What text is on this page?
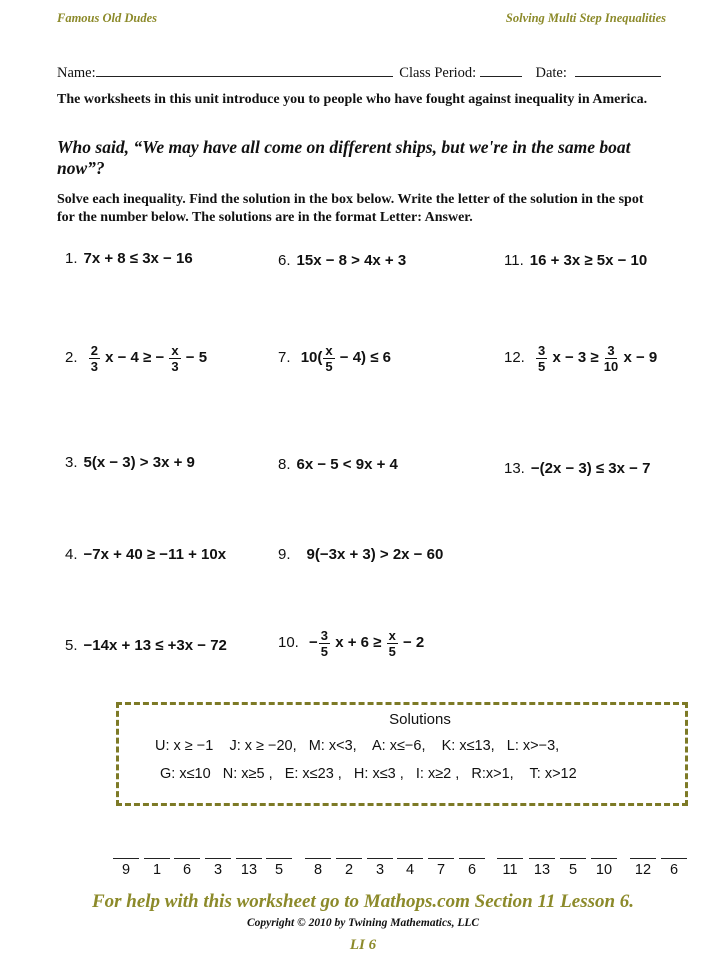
Famous Old Dudes	Solving Multi Step Inequalities
Name:	Class Period:	Date:
The worksheets in this unit introduce you to people who have fought against inequality in America.
Who said, “We may have all come on different ships, but we're in the same boat now”?
Solve each inequality. Find the solution in the box below. Write the letter of the solution in the spot for the number below. The solutions are in the format Letter: Answer.
1. 7x + 8 ≤ 3x − 16
2. $\frac{2}{3}$ x − 4 ≥ − $\frac{x}{3} - 5$
3. 5(x − 3) > 3x + 9
4. −7x + 40 ≥ −11 + 10x
5. −14x + 13 ≤ +3x − 72
6. 15x − 8 > 4x + 3
7. $10( \frac{x}{5} - 4) \le 6$
8. 6x − 5 < 9x + 4
9. 9(−3x + 3) > 2x − 60
10. − $\frac{3}{5}$ $x + 6 \ge \frac{x}{5} - 2$
11. 16 + 3x ≥ 5x − 10
12. $\frac{3}{5}$ $x - 3 \ge \frac{3}{10}$ x − 9
13. −(2x − 3) ≤ 3x − 7
Solutions
U: x ≥ −1    J: x ≥ −20,   M: x<3,    A: x≤−6,    K: x≤13,   L: x>−3,
G: x≤10   N: x≥5 ,   E: x≤23 ,   H: x≤3 ,   I: x≥2 ,   R:x>1,    T: x>12
9	1	6	3	13	5	8	2	3	4	7	6	11	13	5	10	12	6
For help with this worksheet go to Mathops.com Section 11 Lesson 6.
Copyright © 2010 by Twining Mathematics, LLC
LI 6
